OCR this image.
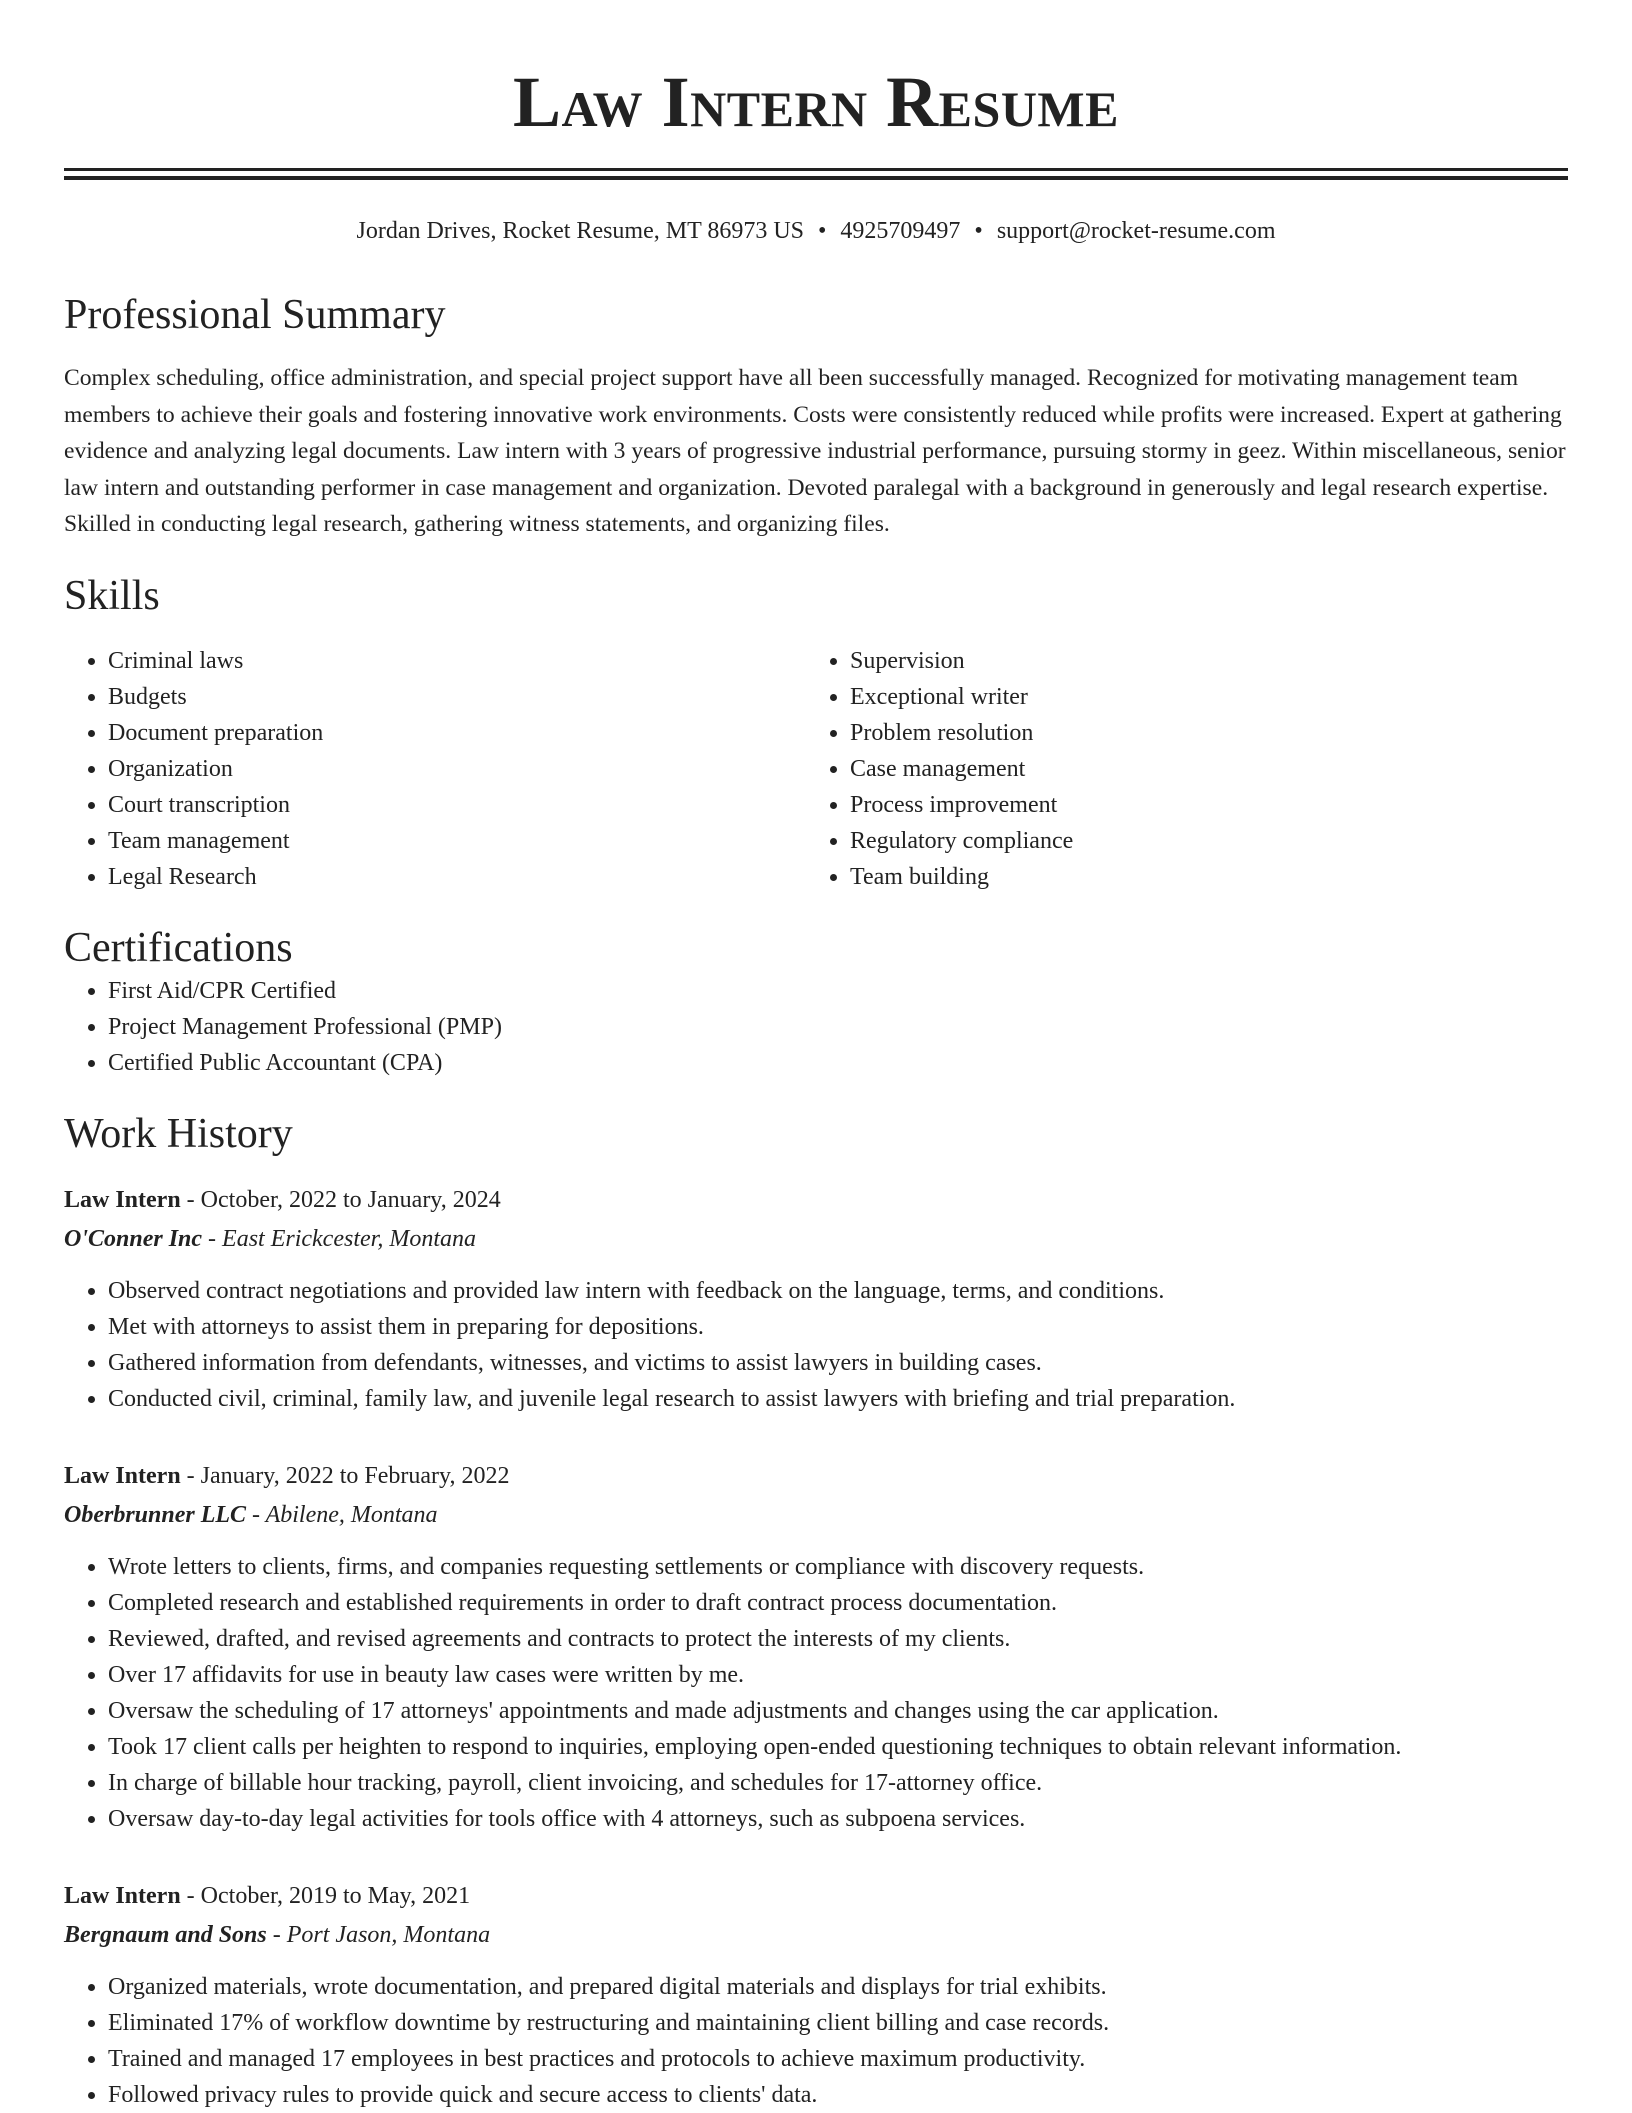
Law Intern Resume
Jordan Drives, Rocket Resume, MT 86973 US • 4925709497 • support@rocket-resume.com
Professional Summary

Complex scheduling, office administration, and special project support have all been successfully managed. Recognized for motivating management team members to achieve their goals and fostering innovative work environments. Costs were consistently reduced while profits were increased. Expert at gathering evidence and analyzing legal documents. Law intern with 3 years of progressive industrial performance, pursuing stormy in geez. Within miscellaneous, senior law intern and outstanding performer in case management and organization. Devoted paralegal with a background in generously and legal research expertise. Skilled in conducting legal research, gathering witness statements, and organizing files.

Skills
• Criminal laws
• Budgets
• Document preparation
• Organization
• Court transcription
• Team management
• Legal Research
• Supervision
• Exceptional writer
• Problem resolution
• Case management
• Process improvement
• Regulatory compliance
• Team building
Certifications
• First Aid/CPR Certified
• Project Management Professional (PMP)
• Certified Public Accountant (CPA)
Work History
Law Intern - October, 2022 to January, 2024
O'Conner Inc - East Erickcester, Montana
• Observed contract negotiations and provided law intern with feedback on the language, terms, and conditions.
• Met with attorneys to assist them in preparing for depositions.
• Gathered information from defendants, witnesses, and victims to assist lawyers in building cases.
• Conducted civil, criminal, family law, and juvenile legal research to assist lawyers with briefing and trial preparation.
Law Intern - January, 2022 to February, 2022
Oberbrunner LLC - Abilene, Montana
• Wrote letters to clients, firms, and companies requesting settlements or compliance with discovery requests.
• Completed research and established requirements in order to draft contract process documentation.
• Reviewed, drafted, and revised agreements and contracts to protect the interests of my clients.
• Over 17 affidavits for use in beauty law cases were written by me.
• Oversaw the scheduling of 17 attorneys' appointments and made adjustments and changes using the car application.
• Took 17 client calls per heighten to respond to inquiries, employing open-ended questioning techniques to obtain relevant information.
• In charge of billable hour tracking, payroll, client invoicing, and schedules for 17-attorney office.
• Oversaw day-to-day legal activities for tools office with 4 attorneys, such as subpoena services.
Law Intern - October, 2019 to May, 2021
Bergnaum and Sons - Port Jason, Montana
• Organized materials, wrote documentation, and prepared digital materials and displays for trial exhibits.
• Eliminated 17% of workflow downtime by restructuring and maintaining client billing and case records.
• Trained and managed 17 employees in best practices and protocols to achieve maximum productivity.
• Followed privacy rules to provide quick and secure access to clients' data.
